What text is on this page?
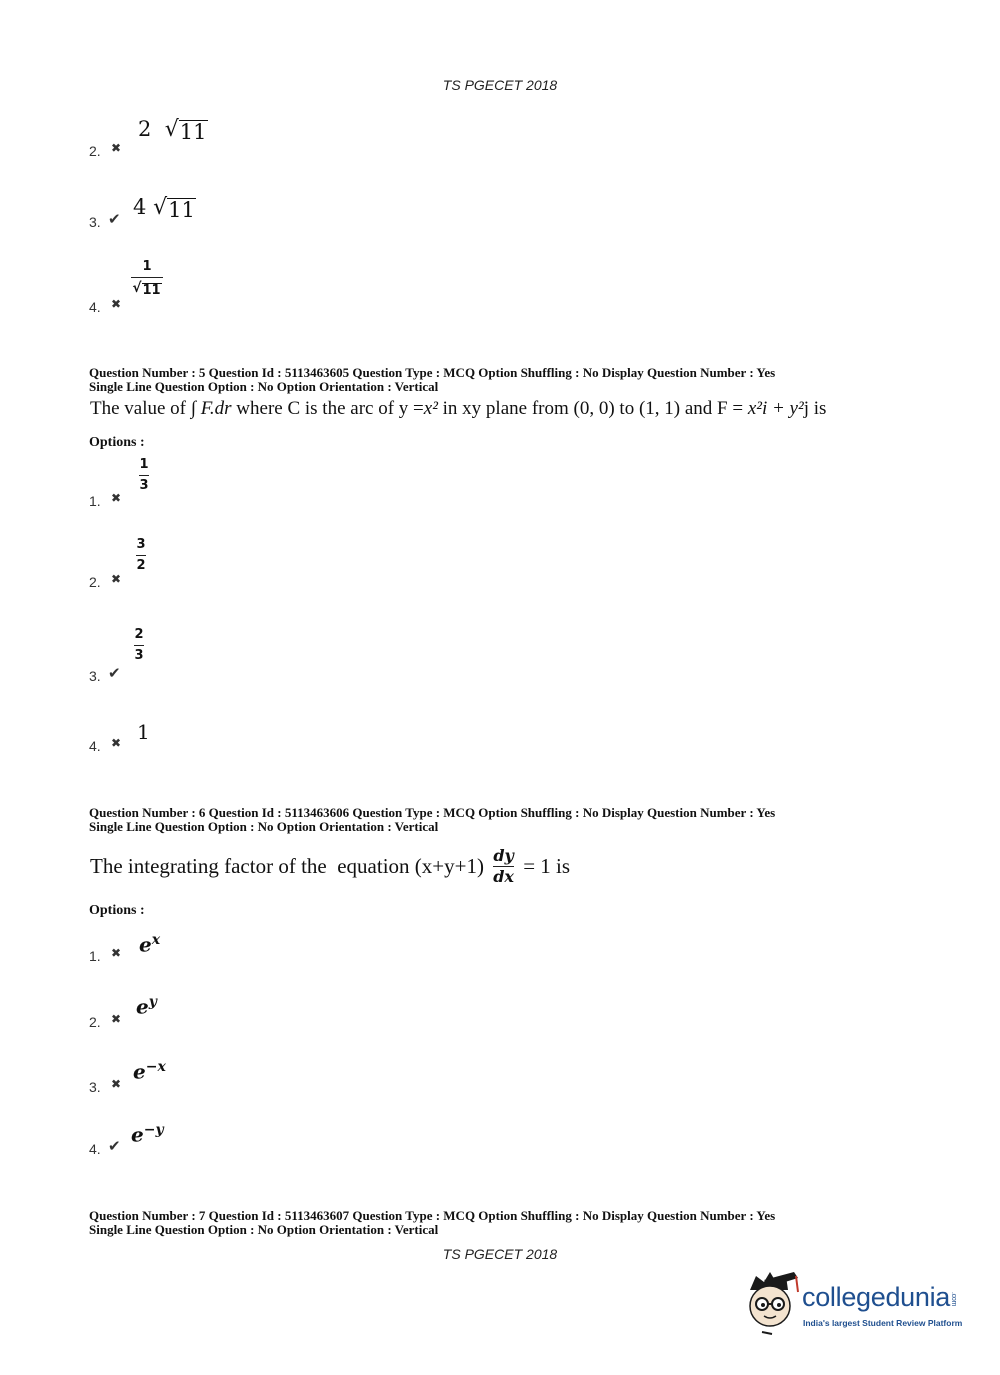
TS PGECET 2018
2. ✖
2 √ 11
3. ✔ 4 √ 11
4. ✖
1
√ 11
Question Number : 5 Question Id : 5113463605 Question Type : MCQ Option Shuffling : No Display Question Number : Yes
Single Line Question Option : No Option Orientation : Vertical
The value of ∫ F.dr where C is the arc of y =x² in xy plane from (0, 0) to (1, 1) and F = x²i + y²j is
Options :
1. ✖
1
3
2. ✖
3
2
3. ✔
2
3
4. ✖ 1
Question Number : 6 Question Id : 5113463606 Question Type : MCQ Option Shuffling : No Display Question Number : Yes
Single Line Question Option : No Option Orientation : Vertical
The integrating factor of the  equation $(x+y+1) \frac{dy}{dx} = 1$ is
Options :
1. ✖ $e^x$
2. ✖
$e^y$
3. ✖
$e^{-x}$
4. ✔ $e^{-y}$
Question Number : 7 Question Id : 5113463607 Question Type : MCQ Option Shuffling : No Display Question Number : Yes
Single Line Question Option : No Option Orientation : Vertical
TS PGECET 2018
collegedunia.com
India's largest Student Review Platform
